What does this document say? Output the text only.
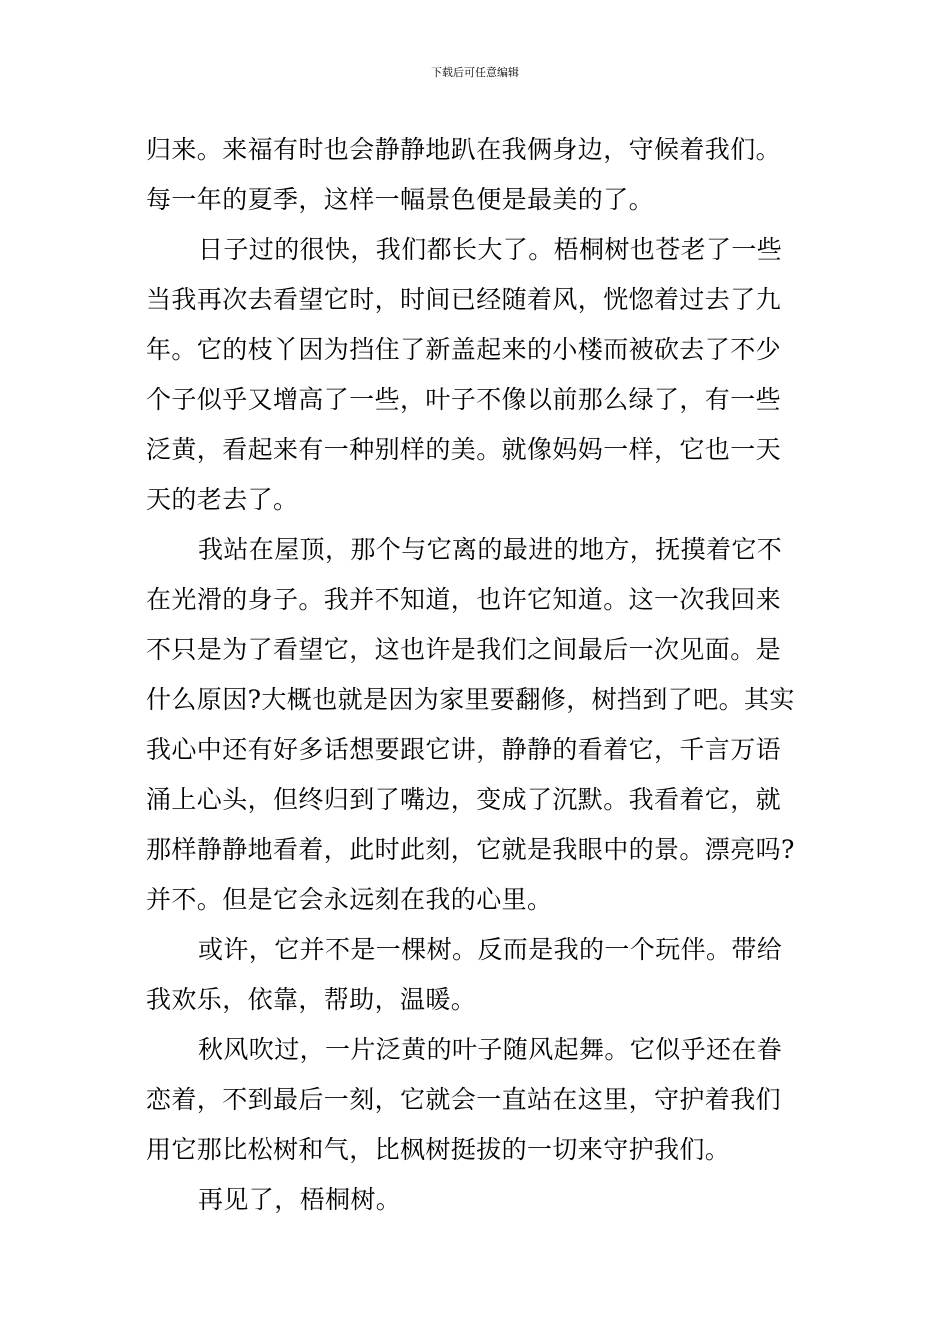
下载后可任意编辑
归来。来福有时也会静静地趴在我俩身边，守候着我们。
每一年的夏季，这样一幅景色便是最美的了。
日子过的很快，我们都长大了。梧桐树也苍老了一些
当我再次去看望它时，时间已经随着风，恍惚着过去了九
年。它的枝丫因为挡住了新盖起来的小楼而被砍去了不少
个子似乎又增高了一些，叶子不像以前那么绿了，有一些
泛黄，看起来有一种别样的美。就像妈妈一样，它也一天
天的老去了。
我站在屋顶，那个与它离的最进的地方，抚摸着它不
在光滑的身子。我并不知道，也许它知道。这一次我回来
不只是为了看望它，这也许是我们之间最后一次见面。是
什么原因?大概也就是因为家里要翻修，树挡到了吧。其实
我心中还有好多话想要跟它讲，静静的看着它，千言万语
涌上心头，但终归到了嘴边，变成了沉默。我看着它，就
那样静静地看着，此时此刻，它就是我眼中的景。漂亮吗?
并不。但是它会永远刻在我的心里。
或许，它并不是一棵树。反而是我的一个玩伴。带给
我欢乐，依靠，帮助，温暖。
秋风吹过，一片泛黄的叶子随风起舞。它似乎还在眷
恋着，不到最后一刻，它就会一直站在这里，守护着我们
用它那比松树和气，比枫树挺拔的一切来守护我们。
再见了，梧桐树。
